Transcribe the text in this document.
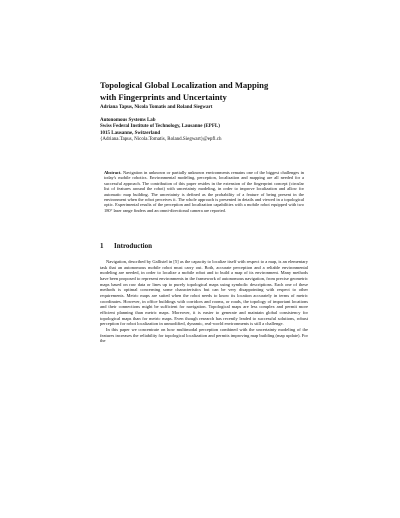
Topological Global Localization and Mapping
with Fingerprints and Uncertainty
Adriana Tapus, Nicola Tomatis and Roland Siegwart
Autonomous Systems Lab
Swiss Federal Institute of Technology, Lausanne (EPFL)
1015 Lausanne, Switzerland
{Adriana.Tapus, Nicola.Tomatis, Roland.Siegwart}@epfl.ch
Abstract. Navigation in unknown or partially unknown environments remains one of the biggest challenges in today's mobile robotics. Environmental modeling, perception, localization and mapping are all needed for a successful approach. The contribution of this paper resides in the extension of the fingerprint concept (circular list of features around the robot) with uncertainty modeling, in order to improve localization and allow for automatic map building. The uncertainty is defined as the probability of a feature of being present in the environment when the robot perceives it. The whole approach is presented in details and viewed in a topological optic. Experimental results of the perception and localization capabilities with a mobile robot equipped with two 180° laser range finders and an omni-directional camera are reported.
1 Introduction

Navigation, described by Gallistel in [5] as the capacity to localize itself with respect to a map, is an elementary task that an autonomous mobile robot must carry out. Both, accurate perception and a reliable environmental modeling are needed, in order to localize a mobile robot and to build a map of its environment. Many methods have been proposed to represent environments in the framework of autonomous navigation, from precise geometric maps based on raw data or lines up to purely topological maps using symbolic descriptions. Each one of these methods is optimal concerning some characteristics but can be very disappointing with respect to other requirements. Metric maps are suited when the robot needs to know its location accurately in terms of metric coordinates. However, in office buildings with corridors and rooms, or roads, the topology of important locations and their connections might be sufficient for navigation. Topological maps are less complex and permit more efficient planning than metric maps. Moreover, it is easier to generate and maintain global consistency for topological maps than for metric maps. Even though research has recently leaded to successful solutions, robust perception for robot localization in unmodified, dynamic, real-world environments is still a challenge.

In this paper we concentrate on how multimodal perception combined with the uncertainty modeling of the features increases the reliability for topological localization and permits improving map building (map update). For the
